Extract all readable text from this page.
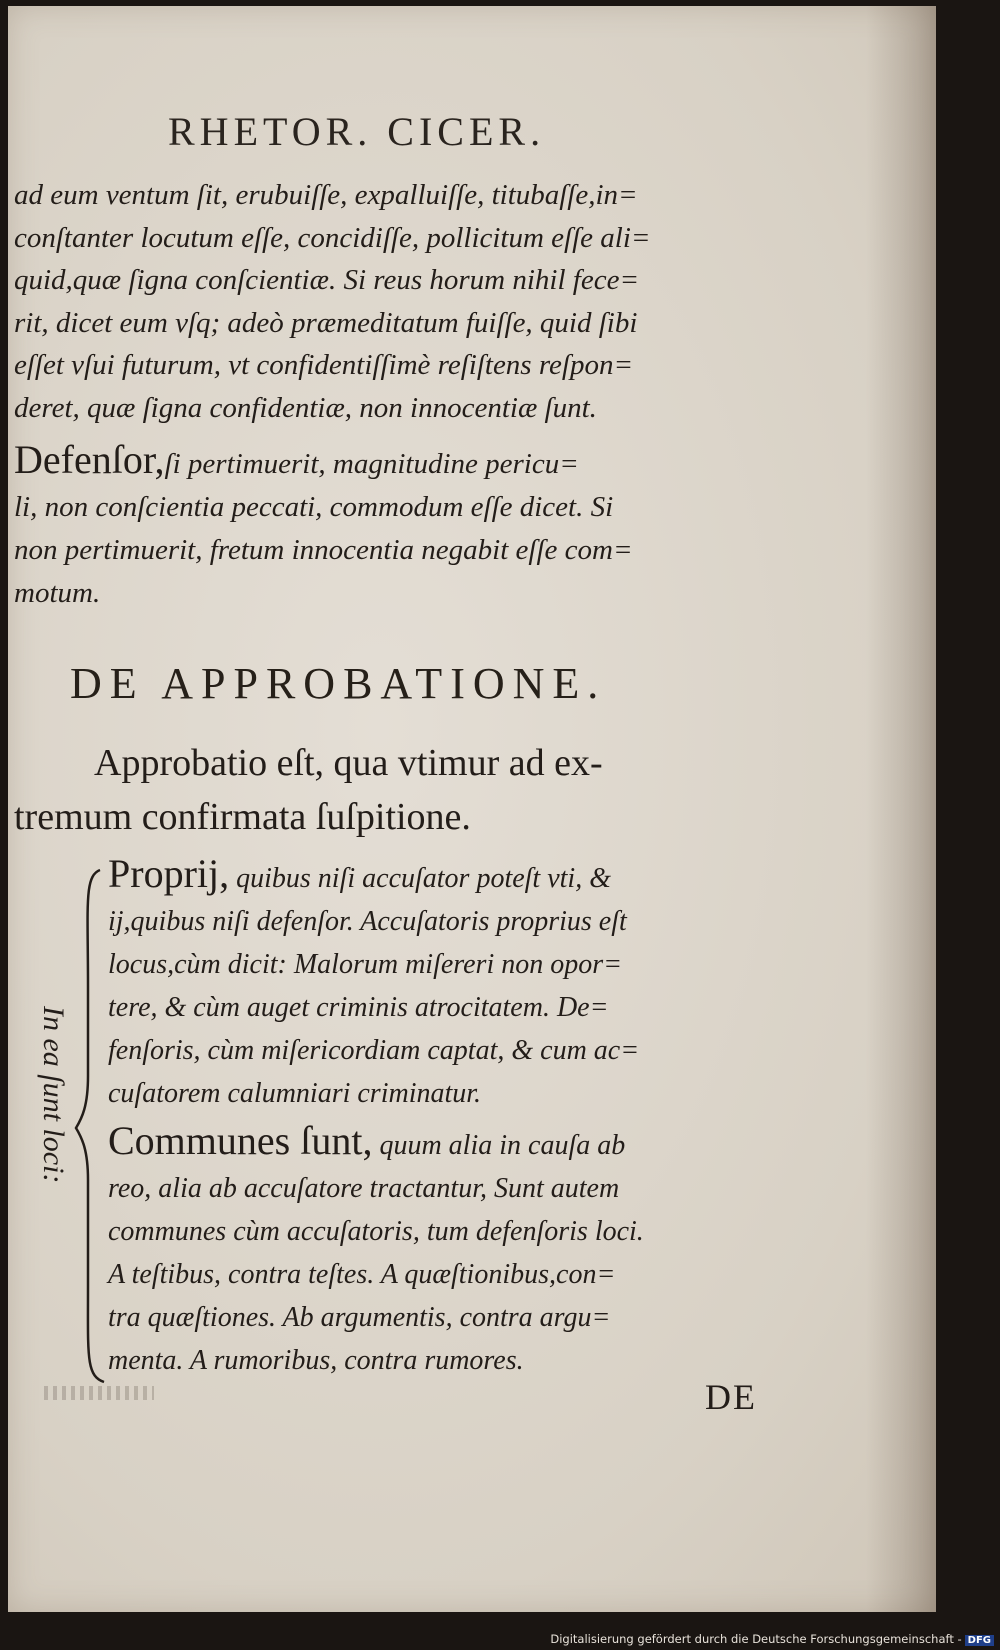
RHETOR. CICER.
ad eum ventum ſit, erubuiſſe, expalluiſſe, titubaſſe,in=
conſtanter locutum eſſe, concidiſſe, pollicitum eſſe ali=
quid,quæ ſigna conſcientiæ. Si reus horum nihil fece=
rit, dicet eum vſq; adeò præmeditatum fuiſſe, quid ſibi
eſſet vſui futurum, vt confidentiſſimè reſiſtens reſpon=
deret, quæ ſigna confidentiæ, non innocentiæ ſunt.
Defenſor,ſi pertimuerit, magnitudine pericu=
li, non conſcientia peccati, commodum eſſe dicet. Si
non pertimuerit, fretum innocentia negabit eſſe com=
motum.
DE APPROBATIONE.
Approbatio eſt, qua vtimur ad ex-
tremum confirmata ſuſpitione.
In ea ſunt loci:
Proprij, quibus niſi accuſator poteſt vti, &
ij,quibus niſi defenſor. Accuſatoris proprius eſt
locus,cùm dicit: Malorum miſereri non opor=
tere, & cùm auget criminis atrocitatem. De=
fenſoris, cùm miſericordiam captat, & cum ac=
cuſatorem calumniari criminatur.
Communes ſunt, quum alia in cauſa ab
reo, alia ab accuſatore tractantur, Sunt autem
communes cùm accuſatoris, tum defenſoris loci.
A teſtibus, contra teſtes. A quæſtionibus,con=
tra quæſtiones. Ab argumentis, contra argu=
menta. A rumoribus, contra rumores.
DE
Digitalisierung gefördert durch die Deutsche Forschungsgemeinschaft - DFG
